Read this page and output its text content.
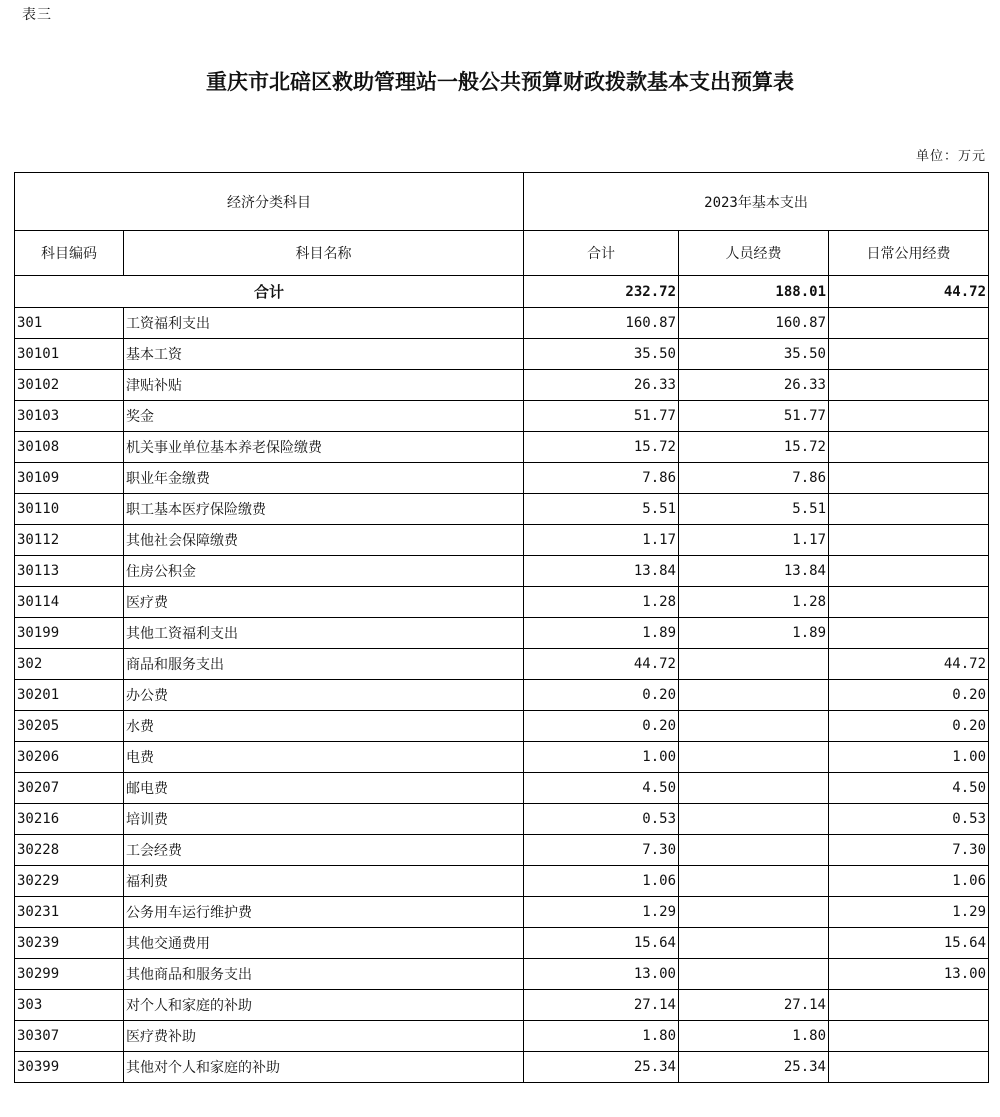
表三
重庆市北碚区救助管理站一般公共预算财政拨款基本支出预算表
单位：万元
经济分类科目		2023年基本支出		
科目编码	科目名称	合计	人员经费	日常公用经费
合计		232.72	188.01	44.72
301	工资福利支出	160.87	160.87	
30101	基本工资	35.50	35.50	
30102	津贴补贴	26.33	26.33	
30103	奖金	51.77	51.77	
30108	机关事业单位基本养老保险缴费	15.72	15.72	
30109	职业年金缴费	7.86	7.86	
30110	职工基本医疗保险缴费	5.51	5.51	
30112	其他社会保障缴费	1.17	1.17	
30113	住房公积金	13.84	13.84	
30114	医疗费	1.28	1.28	
30199	其他工资福利支出	1.89	1.89	
302	商品和服务支出	44.72		44.72
30201	办公费	0.20		0.20
30205	水费	0.20		0.20
30206	电费	1.00		1.00
30207	邮电费	4.50		4.50
30216	培训费	0.53		0.53
30228	工会经费	7.30		7.30
30229	福利费	1.06		1.06
30231	公务用车运行维护费	1.29		1.29
30239	其他交通费用	15.64		15.64
30299	其他商品和服务支出	13.00		13.00
303	对个人和家庭的补助	27.14	27.14	
30307	医疗费补助	1.80	1.80	
30399	其他对个人和家庭的补助	25.34	25.34	
